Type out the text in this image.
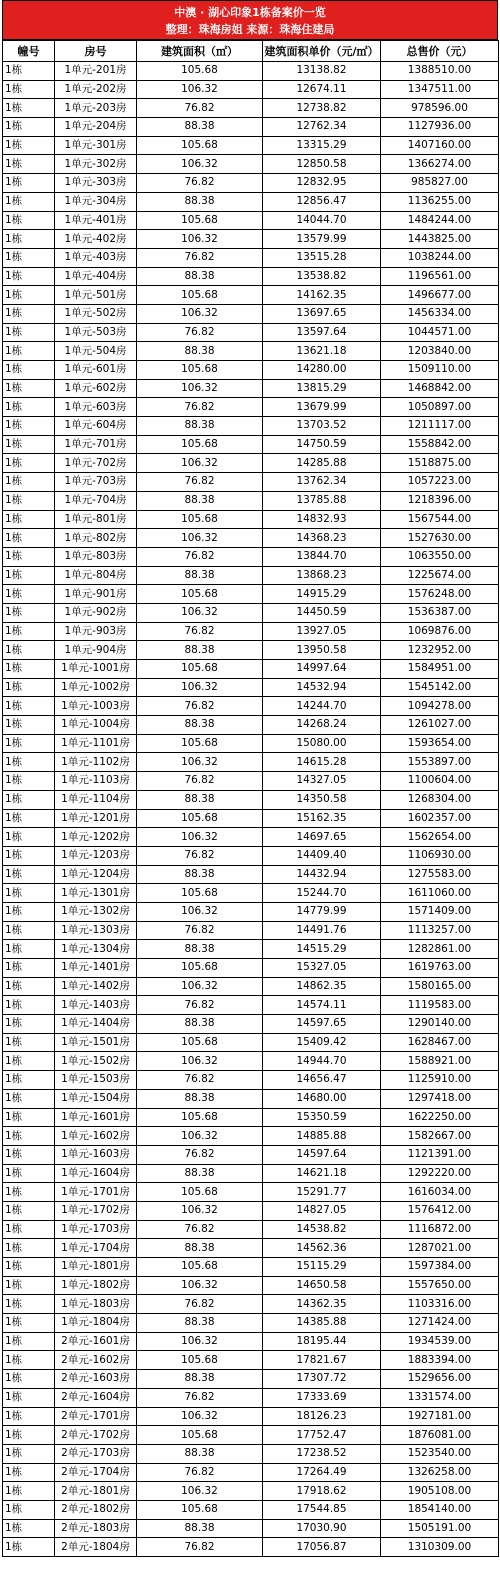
中澳 · 湖心印象1栋备案价一览
整理：珠海房姐 来源：珠海住建局
幢号	房号	建筑面积（㎡）	建筑面积单价（元/㎡）	总售价（元）
1栋	1单元-201房	105.68	13138.82	1388510.00
1栋	1单元-202房	106.32	12674.11	1347511.00
1栋	1单元-203房	76.82	12738.82	978596.00
1栋	1单元-204房	88.38	12762.34	1127936.00
1栋	1单元-301房	105.68	13315.29	1407160.00
1栋	1单元-302房	106.32	12850.58	1366274.00
1栋	1单元-303房	76.82	12832.95	985827.00
1栋	1单元-304房	88.38	12856.47	1136255.00
1栋	1单元-401房	105.68	14044.70	1484244.00
1栋	1单元-402房	106.32	13579.99	1443825.00
1栋	1单元-403房	76.82	13515.28	1038244.00
1栋	1单元-404房	88.38	13538.82	1196561.00
1栋	1单元-501房	105.68	14162.35	1496677.00
1栋	1单元-502房	106.32	13697.65	1456334.00
1栋	1单元-503房	76.82	13597.64	1044571.00
1栋	1单元-504房	88.38	13621.18	1203840.00
1栋	1单元-601房	105.68	14280.00	1509110.00
1栋	1单元-602房	106.32	13815.29	1468842.00
1栋	1单元-603房	76.82	13679.99	1050897.00
1栋	1单元-604房	88.38	13703.52	1211117.00
1栋	1单元-701房	105.68	14750.59	1558842.00
1栋	1单元-702房	106.32	14285.88	1518875.00
1栋	1单元-703房	76.82	13762.34	1057223.00
1栋	1单元-704房	88.38	13785.88	1218396.00
1栋	1单元-801房	105.68	14832.93	1567544.00
1栋	1单元-802房	106.32	14368.23	1527630.00
1栋	1单元-803房	76.82	13844.70	1063550.00
1栋	1单元-804房	88.38	13868.23	1225674.00
1栋	1单元-901房	105.68	14915.29	1576248.00
1栋	1单元-902房	106.32	14450.59	1536387.00
1栋	1单元-903房	76.82	13927.05	1069876.00
1栋	1单元-904房	88.38	13950.58	1232952.00
1栋	1单元-1001房	105.68	14997.64	1584951.00
1栋	1单元-1002房	106.32	14532.94	1545142.00
1栋	1单元-1003房	76.82	14244.70	1094278.00
1栋	1单元-1004房	88.38	14268.24	1261027.00
1栋	1单元-1101房	105.68	15080.00	1593654.00
1栋	1单元-1102房	106.32	14615.28	1553897.00
1栋	1单元-1103房	76.82	14327.05	1100604.00
1栋	1单元-1104房	88.38	14350.58	1268304.00
1栋	1单元-1201房	105.68	15162.35	1602357.00
1栋	1单元-1202房	106.32	14697.65	1562654.00
1栋	1单元-1203房	76.82	14409.40	1106930.00
1栋	1单元-1204房	88.38	14432.94	1275583.00
1栋	1单元-1301房	105.68	15244.70	1611060.00
1栋	1单元-1302房	106.32	14779.99	1571409.00
1栋	1单元-1303房	76.82	14491.76	1113257.00
1栋	1单元-1304房	88.38	14515.29	1282861.00
1栋	1单元-1401房	105.68	15327.05	1619763.00
1栋	1单元-1402房	106.32	14862.35	1580165.00
1栋	1单元-1403房	76.82	14574.11	1119583.00
1栋	1单元-1404房	88.38	14597.65	1290140.00
1栋	1单元-1501房	105.68	15409.42	1628467.00
1栋	1单元-1502房	106.32	14944.70	1588921.00
1栋	1单元-1503房	76.82	14656.47	1125910.00
1栋	1单元-1504房	88.38	14680.00	1297418.00
1栋	1单元-1601房	105.68	15350.59	1622250.00
1栋	1单元-1602房	106.32	14885.88	1582667.00
1栋	1单元-1603房	76.82	14597.64	1121391.00
1栋	1单元-1604房	88.38	14621.18	1292220.00
1栋	1单元-1701房	105.68	15291.77	1616034.00
1栋	1单元-1702房	106.32	14827.05	1576412.00
1栋	1单元-1703房	76.82	14538.82	1116872.00
1栋	1单元-1704房	88.38	14562.36	1287021.00
1栋	1单元-1801房	105.68	15115.29	1597384.00
1栋	1单元-1802房	106.32	14650.58	1557650.00
1栋	1单元-1803房	76.82	14362.35	1103316.00
1栋	1单元-1804房	88.38	14385.88	1271424.00
1栋	2单元-1601房	106.32	18195.44	1934539.00
1栋	2单元-1602房	105.68	17821.67	1883394.00
1栋	2单元-1603房	88.38	17307.72	1529656.00
1栋	2单元-1604房	76.82	17333.69	1331574.00
1栋	2单元-1701房	106.32	18126.23	1927181.00
1栋	2单元-1702房	105.68	17752.47	1876081.00
1栋	2单元-1703房	88.38	17238.52	1523540.00
1栋	2单元-1704房	76.82	17264.49	1326258.00
1栋	2单元-1801房	106.32	17918.62	1905108.00
1栋	2单元-1802房	105.68	17544.85	1854140.00
1栋	2单元-1803房	88.38	17030.90	1505191.00
1栋	2单元-1804房	76.82	17056.87	1310309.00
